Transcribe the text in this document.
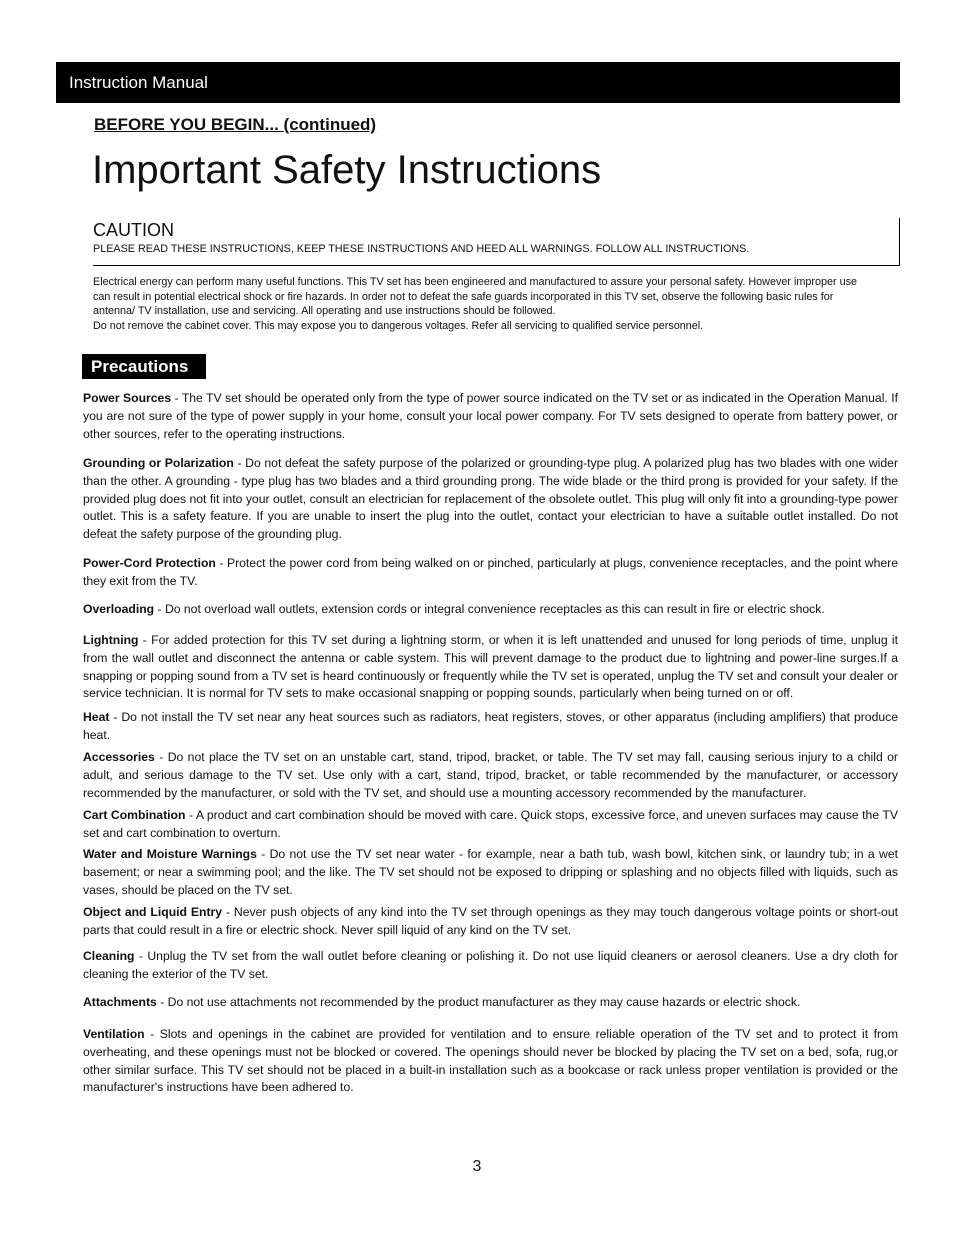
Instruction Manual
BEFORE YOU BEGIN... (continued)
Important Safety Instructions
CAUTION
PLEASE READ THESE INSTRUCTIONS, KEEP THESE INSTRUCTIONS AND HEED ALL WARNINGS. FOLLOW ALL INSTRUCTIONS.

Electrical energy can perform many useful functions. This TV set has been engineered and manufactured to assure your personal safety. However improper use can result in potential electrical shock or fire hazards. In order not to defeat the safe guards incorporated in this TV set, observe the following basic rules for antenna/ TV installation, use and servicing. All operating and use instructions should be followed.

Do not remove the cabinet cover. This may expose you to dangerous voltages. Refer all servicing to qualified service personnel.

Precautions

Power Sources - The TV set should be operated only from the type of power source indicated on the TV set or as indicated in the Operation Manual. If you are not sure of the type of power supply in your home, consult your local power company. For TV sets designed to operate from battery power, or other sources, refer to the operating instructions.

Grounding or Polarization - Do not defeat the safety purpose of the polarized or grounding-type plug. A polarized plug has two blades with one wider than the other. A grounding - type plug has two blades and a third grounding prong. The wide blade or the third prong is provided for your safety. If the provided plug does not fit into your outlet, consult an electrician for replacement of the obsolete outlet. This plug will only fit into a grounding-type power outlet. This is a safety feature. If you are unable to insert the plug into the outlet, contact your electrician to have a suitable outlet installed. Do not defeat the safety purpose of the grounding plug.

Power-Cord Protection - Protect the power cord from being walked on or pinched, particularly at plugs, convenience receptacles, and the point where they exit from the TV.

Overloading - Do not overload wall outlets, extension cords or integral convenience receptacles as this can result in fire or electric shock.

Lightning - For added protection for this TV set during a lightning storm, or when it is left unattended and unused for long periods of time, unplug it from the wall outlet and disconnect the antenna or cable system. This will prevent damage to the product due to lightning and power-line surges.If a snapping or popping sound from a TV set is heard continuously or frequently while the TV set is operated, unplug the TV set and consult your dealer or service technician. It is normal for TV sets to make occasional snapping or popping sounds, particularly when being turned on or off.

Heat - Do not install the TV set near any heat sources such as radiators, heat registers, stoves, or other apparatus (including amplifiers) that produce heat.

Accessories - Do not place the TV set on an unstable cart, stand, tripod, bracket, or table. The TV set may fall, causing serious injury to a child or adult, and serious damage to the TV set. Use only with a cart, stand, tripod, bracket, or table recommended by the manufacturer, or accessory recommended by the manufacturer, or sold with the TV set, and should use a mounting accessory recommended by the manufacturer.

Cart Combination - A product and cart combination should be moved with care. Quick stops, excessive force, and uneven surfaces may cause the TV set and cart combination to overturn.

Water and Moisture Warnings - Do not use the TV set near water - for example, near a bath tub, wash bowl, kitchen sink, or laundry tub; in a wet basement; or near a swimming pool; and the like. The TV set should not be exposed to dripping or splashing and no objects filled with liquids, such as vases, should be placed on the TV set.

Object and Liquid Entry - Never push objects of any kind into the TV set through openings as they may touch dangerous voltage points or short-out parts that could result in a fire or electric shock. Never spill liquid of any kind on the TV set.

Cleaning - Unplug the TV set from the wall outlet before cleaning or polishing it. Do not use liquid cleaners or aerosol cleaners. Use a dry cloth for cleaning the exterior of the TV set.

Attachments - Do not use attachments not recommended by the product manufacturer as they may cause hazards or electric shock.

Ventilation - Slots and openings in the cabinet are provided for ventilation and to ensure reliable operation of the TV set and to protect it from overheating, and these openings must not be blocked or covered. The openings should never be blocked by placing the TV set on a bed, sofa, rug,or other similar surface. This TV set should not be placed in a built-in installation such as a bookcase or rack unless proper ventilation is provided or the manufacturer's instructions have been adhered to.

3
